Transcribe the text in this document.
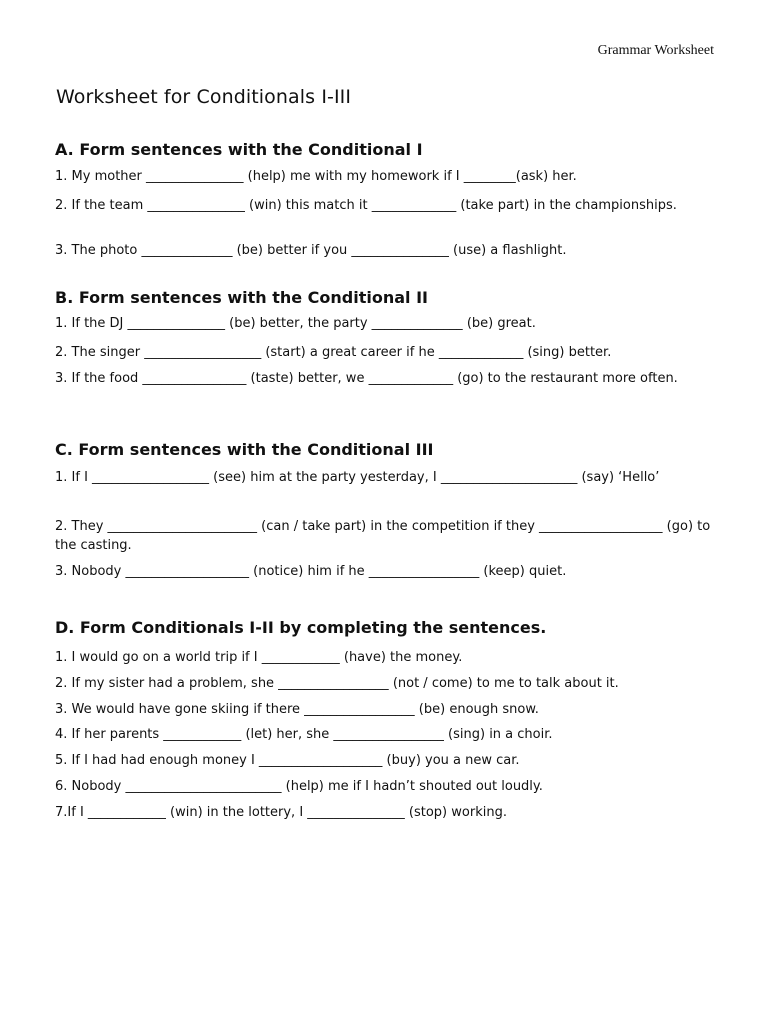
Grammar Worksheet
Worksheet for Conditionals I-III
A. Form sentences with the Conditional I
1. My mother _______________ (help) me with my homework if I ________(ask) her.
2. If the team _______________ (win) this match it _____________ (take part) in the championships.
3. The photo ______________ (be) better if you _______________ (use) a flashlight.
B. Form sentences with the Conditional II
1. If the DJ _______________ (be) better, the party ______________ (be) great.
2. The singer __________________ (start) a great career if he _____________ (sing) better.
3. If the food ________________ (taste) better, we _____________ (go) to the restaurant more often.
C. Form sentences with the Conditional III
1. If I __________________ (see) him at the party yesterday, I _____________________ (say) ‘Hello’
2. They _______________________ (can / take part) in the competition if they ___________________ (go) to the casting.
3. Nobody ___________________ (notice) him if he _________________ (keep) quiet.
D. Form Conditionals I-II by completing the sentences.
1. I would go on a world trip if I ____________ (have) the money.
2. If my sister had a problem, she _________________ (not / come) to me to talk about it.
3. We would have gone skiing if there _________________ (be) enough snow.
4. If her parents ____________ (let) her, she _________________ (sing) in a choir.
5. If I had had enough money I ___________________ (buy) you a new car.
6. Nobody ________________________ (help) me if I hadn’t shouted out loudly.
7.If I ____________ (win) in the lottery, I _______________ (stop) working.
